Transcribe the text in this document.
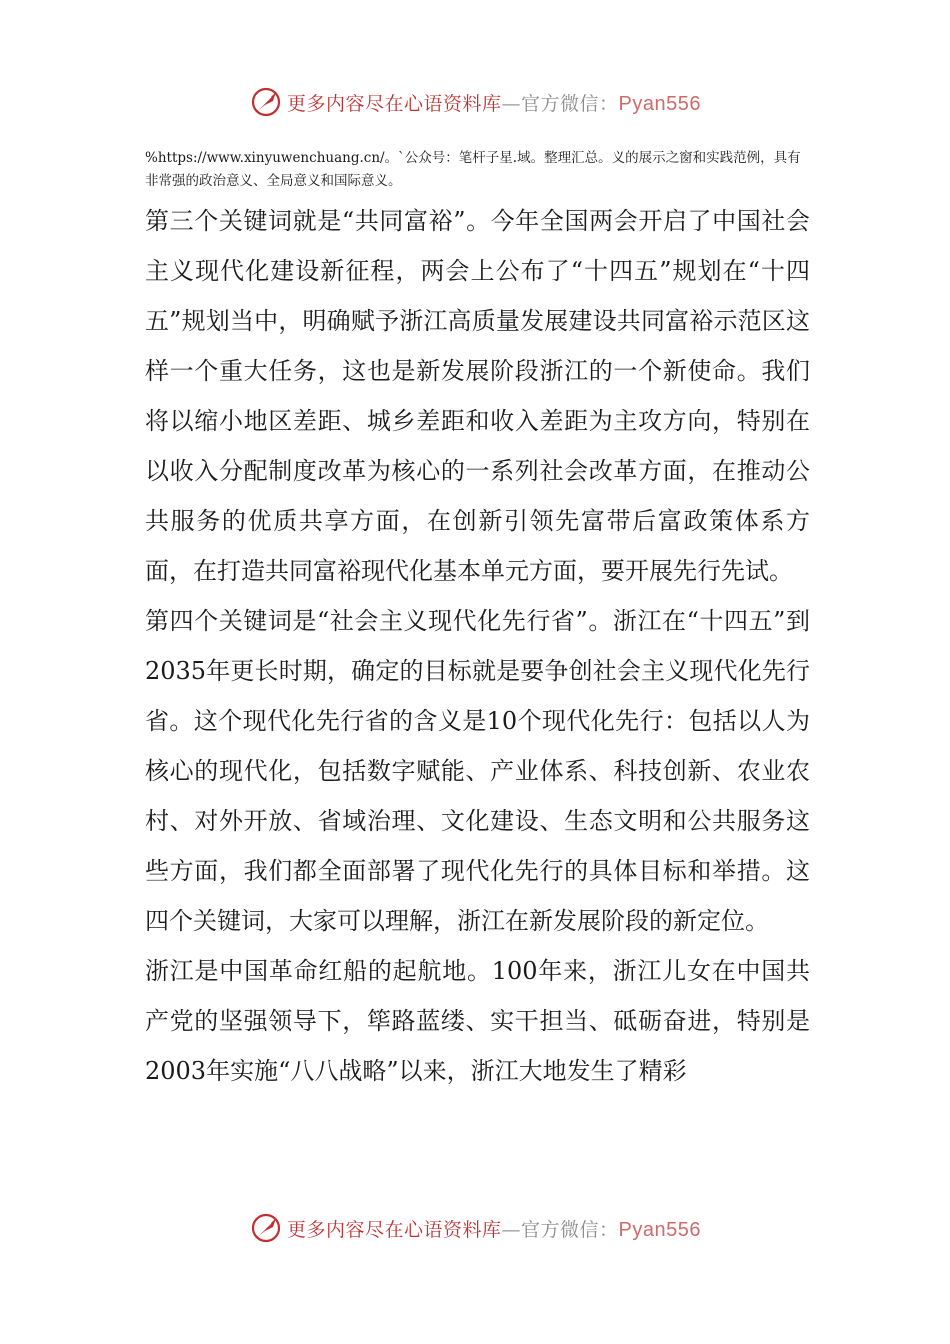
更多内容尽在心语资料库—官方微信：Pyan556
%https://www.xinyuwenchuang.cn/。`公众号：笔杆子星.域。整理汇总。义的展示之窗和实践范例，具有非常强的政治意义、全局意义和国际意义。

第三个关键词就是“共同富裕”。今年全国两会开启了中国社会主义现代化建设新征程，两会上公布了“十四五”规划在“十四五”规划当中，明确赋予浙江高质量发展建设共同富裕示范区这样一个重大任务，这也是新发展阶段浙江的一个新使命。我们将以缩小地区差距、城乡差距和收入差距为主攻方向，特别在以收入分配制度改革为核心的一系列社会改革方面，在推动公共服务的优质共享方面，在创新引领先富带后富政策体系方面，在打造共同富裕现代化基本单元方面，要开展先行先试。

第四个关键词是“社会主义现代化先行省”。浙江在“十四五”到2035年更长时期，确定的目标就是要争创社会主义现代化先行省。这个现代化先行省的含义是10个现代化先行：包括以人为核心的现代化，包括数字赋能、产业体系、科技创新、农业农村、对外开放、省域治理、文化建设、生态文明和公共服务这些方面，我们都全面部署了现代化先行的具体目标和举措。这四个关键词，大家可以理解，浙江在新发展阶段的新定位。

浙江是中国革命红船的起航地。100年来，浙江儿女在中国共产党的坚强领导下，筚路蓝缕、实干担当、砥砺奋进，特别是2003年实施“八八战略”以来，浙江大地发生了精彩

更多内容尽在心语资料库—官方微信：Pyan556
